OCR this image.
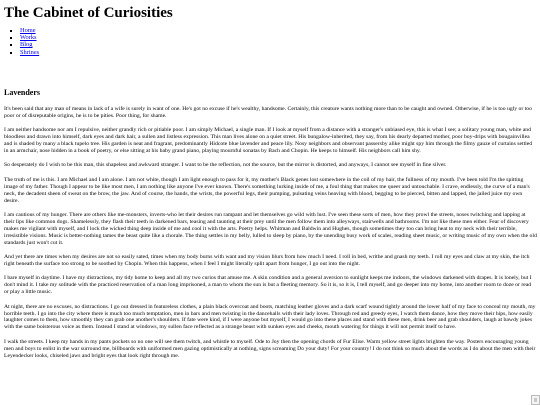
The Cabinet of Curiosities
▪ Home
▪ Works
▪ Blog
▪ Shrines
Lavenders

It's been said that any man of means in lack of a wife is surely in want of one. He's got no excuse if he's wealthy, handsome. Certainly, this creature wants nothing more than to be caught and owned. Otherwise, if he is too ugly or too poor or of disreputable origins, he is to be pities. Poor thing, for shame.

I am neither handsome nor am I repulsive, neither grandly rich or pitiable poor. I am simply Michael, a single man. If I look at myself from a distance with a stranger's unbiased eye, this is what I see; a solitary young man, white and bloodless and drawn into himself, dark eyes and dark hair, a sullen and listless expression. This man lives alone on a quiet street. His bungalow-inherited, they say, from his dearly departed mother, poor boy-drips with bougainvillea and is shaded by many a black tupelo tree. His garden is neat and fragrant, predominantly Hidcote blue lavender and peace lily. Nosy neighbors and observant passersby alike might spy him through the filmy gauze of curtains settled in an armchair, nose hidden in a book of poetry, or else sitting at his baby grand piano, playing mournful sonatas by Bach and Chopin. He keeps to himself. His neighbors call him shy.

So desperately do I wish to be this man, this shapeless and awkward stranger. I want to be the reflection, not the source, but the mirror is distorted, and anyways, I cannot see myself in fine silver.

The truth of me is this. I am Michael and I am alone. I am not white, though I am light enough to pass for it, my mother's Black genes lost somewhere in the coil of my hair, the fullness of my mouth. I've been told I'm the spitting image of my father. Though I appear to be like most men, I am nothing like anyone I've ever known. There's something lurking inside of me, a foul thing that makes me queer and untouchable. I crave, endlessly, the curve of a man's neck, the decadent sheen of sweat on the brow, the jaw. And of course, the hands, the wrists, the powerful legs, their pumping, pulsating veins heaving with blood, begging to be pierced, bitten and lapped, the jailed juice my own desire.

I am cautious of my hunger. There are others like me-monsters, inverts-who let their desires run rampant and let themselves go wild with lust. I've seen these sorts of men, how they prowl the streets, noses twitching and lapping at their lips like common dogs. Shamelessly, they flash their teeth in darkened bars, teasing and taunting at their prey until the men follow them into alleyways, stairwells and bathrooms. I'm not like these men either. Fear of discovery makes me vigilant with myself, and I lock the wicked thing deep inside of me and cool it with the arts. Poetry helps. Whitman and Baldwin and Hughes, though sometimes they too can bring heat to my neck with their terrible, irresistible visions. Music is better-nothing tames the beast quite like a chorale. The thing settles in my belly, lulled to sleep by piano, by the unending busy work of scales, reading sheet music, or writing music of my own when the old standards just won't cut it.

And yet there are times when my desires are not so easily sated, times when my body burns with want and my vision blurs from how much I need. I roll in bed, writhe and gnash my teeth. I roll my eyes and claw at my skin, the itch right beneath the surface too strong to be soothed by Chopin. When this happens, when I feel I might literally split apart from hunger, I go out into the night.

I bare myself in daytime. I have my distractions, my tidy home to keep and all my two curios that amuse me. A skin condition and a general aversion to sunlight keeps me indoors, the windows darkened with drapes. It is lonely, but I don't mind it. I take my solitude with the practiced reservation of a man long imprisoned, a man to whom the sun is but a fleeting memory. So it is, so it is, I tell myself, and go deeper into my home, into another room to doze or read or play a little music.

At night, there are no excuses, no distractions. I go out dressed in featureless clothes, a plain black overcoat and boots, matching leather gloves and a dark scarf wound tightly around the lower half of my face to conceal my mouth, my horrible teeth. I go into the city where there is much too much temptation, men in bars and men twisting in the dancehalls with their lady loves. Through red and greedy eyes, I watch them dance, how they move their hips, how easily laughter comes to them, how smoothly they can grab one another's shoulders. If fate were kind, if I were anyone but myself, I would go into these places and stand with these men, drink beer and grab shoulders, laugh at bawdy jokes with the same boisterous voice as them. Instead I stand at windows, my sullen face reflected as a strange beast with sunken eyes and cheeks, mouth watering for things it will not permit itself to have.

I walk the streets. I keep my hands in my pants pockets so no one will see them twitch, and whistle to myself. Ode to Joy then the opening chords of Fur Elise. Warm yellow street lights brighten the way. Posters encouraging young men and boys to enlist in the war surround me, billboards with uniformed men gazing optimistically at nothing, signs screaming Do your duty! For your country! I do not think so much about the words as I do about the men with their Leyendecker looks, chiseled jaws and bright eyes that look right through me.
